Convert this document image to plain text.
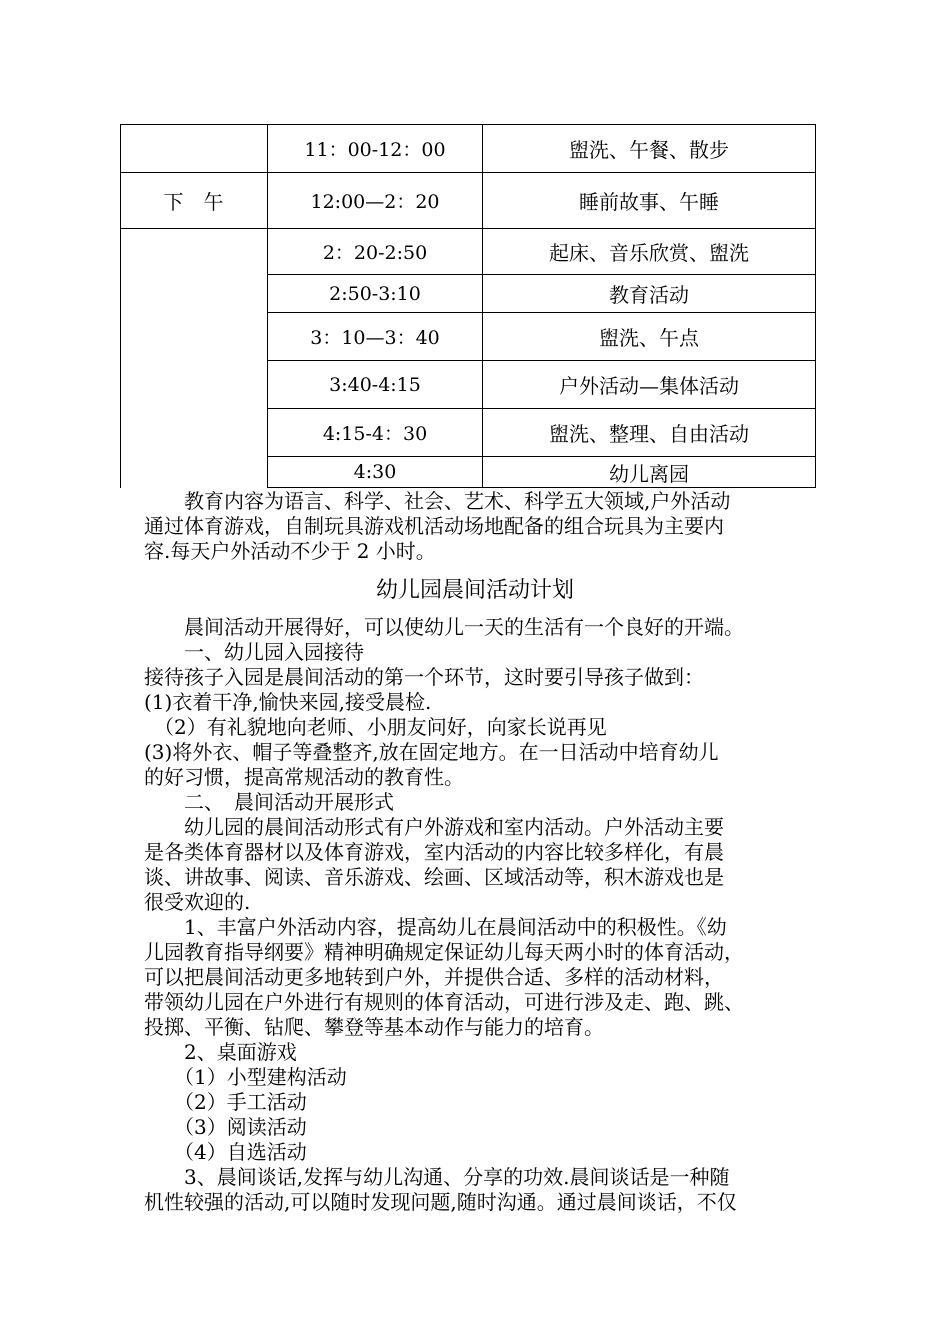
11：00-12：00	盥洗、午餐、散步
下　午	12:00—2：20	睡前故事、午睡
2：20-2:50	起床、音乐欣赏、盥洗
2:50-3:10	教育活动
3：10—3：40	盥洗、午点
3:40-4:15	户外活动—集体活动
4:15-4：30	盥洗、整理、自由活动
4:30	幼儿离园
　　教育内容为语言、科学、社会、艺术、科学五大领域,户外活动
通过体育游戏，自制玩具游戏机活动场地配备的组合玩具为主要内
容.每天户外活动不少于 2 小时。
幼儿园晨间活动计划
　　晨间活动开展得好，可以使幼儿一天的生活有一个良好的开端。
　　一、幼儿园入园接待
接待孩子入园是晨间活动的第一个环节，这时要引导孩子做到：
(1)衣着干净,愉快来园,接受晨检.
　（2）有礼貌地向老师、小朋友问好，向家长说再见
(3)将外衣、帽子等叠整齐,放在固定地方。在一日活动中培育幼儿
的好习惯，提高常规活动的教育性。
　　二、　晨间活动开展形式
　　幼儿园的晨间活动形式有户外游戏和室内活动。户外活动主要
是各类体育器材以及体育游戏，室内活动的内容比较多样化，有晨
谈、讲故事、阅读、音乐游戏、绘画、区域活动等，积木游戏也是
很受欢迎的.
　　1、丰富户外活动内容，提高幼儿在晨间活动中的积极性。《幼
儿园教育指导纲要》精神明确规定保证幼儿每天两小时的体育活动，
可以把晨间活动更多地转到户外，并提供合适、多样的活动材料，
带领幼儿园在户外进行有规则的体育活动，可进行涉及走、跑、跳、
投掷、平衡、钻爬、攀登等基本动作与能力的培育。
　　2、桌面游戏
　　（1）小型建构活动
　　（2）手工活动
　　（3）阅读活动
　　（4）自选活动
　　3、晨间谈话,发挥与幼儿沟通、分享的功效.晨间谈话是一种随
机性较强的活动,可以随时发现问题,随时沟通。通过晨间谈话，不仅
